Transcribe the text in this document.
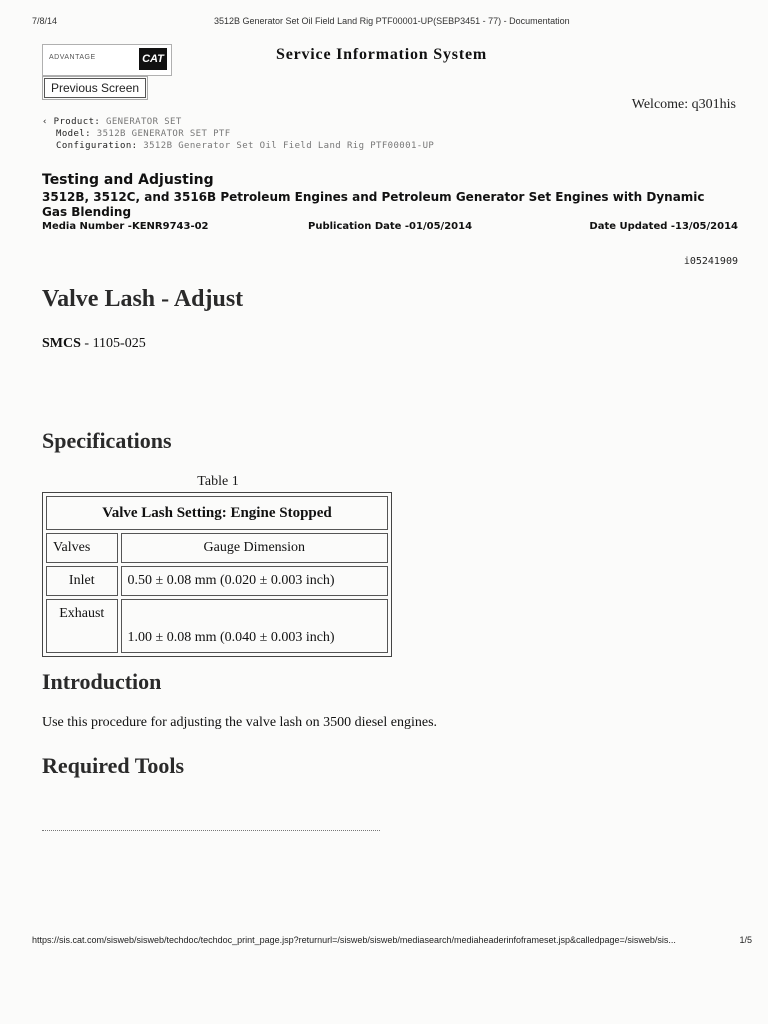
7/8/14	3512B Generator Set Oil Field Land Rig PTF00001-UP(SEBP3451 - 77) - Documentation
ADVANTAGE	CAT	Service Information System
Previous Screen
Welcome: q301his
‹ Product: GENERATOR SET
Model: 3512B GENERATOR SET PTF
Configuration: 3512B Generator Set Oil Field Land Rig PTF00001-UP
Testing and Adjusting
3512B, 3512C, and 3516B Petroleum Engines and Petroleum Generator Set Engines with Dynamic Gas Blending
Media Number -KENR9743-02	Publication Date -01/05/2014	Date Updated -13/05/2014
i05241909
Valve Lash - Adjust
SMCS - 1105-025
Specifications
Table 1
Valve Lash Setting: Engine Stopped	
Valves	Gauge Dimension
Inlet	0.50 ± 0.08 mm (0.020 ± 0.003 inch)
Exhaust	1.00 ± 0.08 mm (0.040 ± 0.003 inch)
Introduction
Use this procedure for adjusting the valve lash on 3500 diesel engines.
Required Tools
https://sis.cat.com/sisweb/sisweb/techdoc/techdoc_print_page.jsp?returnurl=/sisweb/sisweb/mediasearch/mediaheaderinfoframeset.jsp&calledpage=/sisweb/sis...	1/5
